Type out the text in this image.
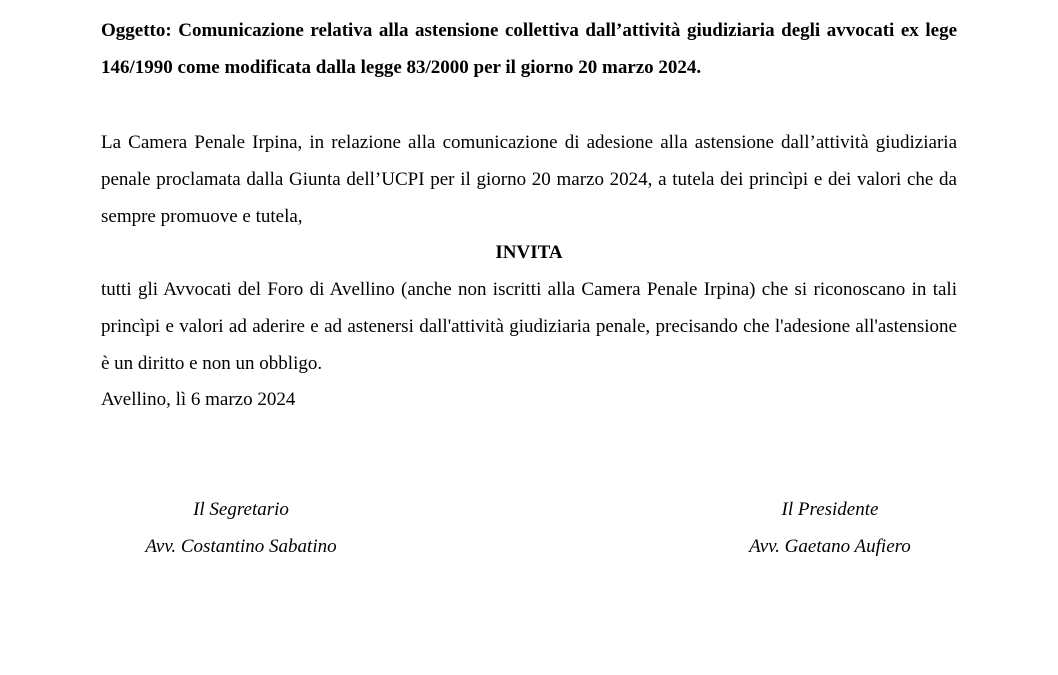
Oggetto: Comunicazione relativa alla astensione collettiva dall’attività giudiziaria degli avvocati ex lege 146/1990 come modificata dalla legge 83/2000 per il giorno 20 marzo 2024.
La Camera Penale Irpina, in relazione alla comunicazione di adesione alla astensione dall’attività giudiziaria penale proclamata dalla Giunta dell’UCPI per il giorno 20 marzo 2024, a tutela dei princìpi e dei valori che da sempre promuove e tutela,
INVITA
tutti gli Avvocati del Foro di Avellino (anche non iscritti alla Camera Penale Irpina) che si riconoscano in tali princìpi e valori ad aderire e ad astenersi dall'attività giudiziaria penale, precisando che l'adesione all'astensione è un diritto e non un obbligo.
Avellino, lì 6 marzo 2024
Il Segretario
Avv. Costantino Sabatino
Il Presidente
Avv. Gaetano Aufiero
